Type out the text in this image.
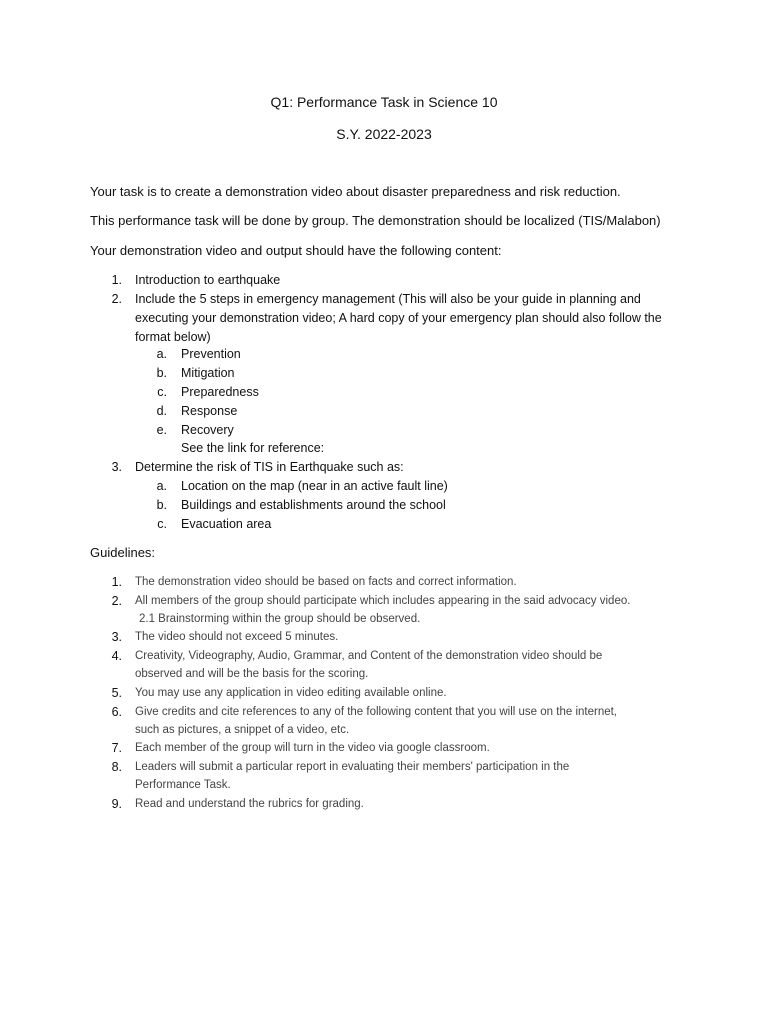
Q1: Performance Task in Science 10
S.Y. 2022-2023
Your task is to create a demonstration video about disaster preparedness and risk reduction.
This performance task will be done by group. The demonstration should be localized (TIS/Malabon)
Your demonstration video and output should have the following content:
1. Introduction to earthquake
2. Include the 5 steps in emergency management (This will also be your guide in planning and
executing your demonstration video; A hard copy of your emergency plan should also follow the
format below)
a. Prevention
b. Mitigation
c. Preparedness
d. Response
e. Recovery
See the link for reference:
3. Determine the risk of TIS in Earthquake such as:
a. Location on the map (near in an active fault line)
b. Buildings and establishments around the school
c. Evacuation area
Guidelines:
1. The demonstration video should be based on facts and correct information.
2. All members of the group should participate which includes appearing in the said advocacy video.
2.1 Brainstorming within the group should be observed.
3. The video should not exceed 5 minutes.
4. Creativity, Videography, Audio, Grammar, and Content of the demonstration video should be
observed and will be the basis for the scoring.
5. You may use any application in video editing available online.
6. Give credits and cite references to any of the following content that you will use on the internet,
such as pictures, a snippet of a video, etc.
7. Each member of the group will turn in the video via google classroom.
8. Leaders will submit a particular report in evaluating their members' participation in the
Performance Task.
9. Read and understand the rubrics for grading.
